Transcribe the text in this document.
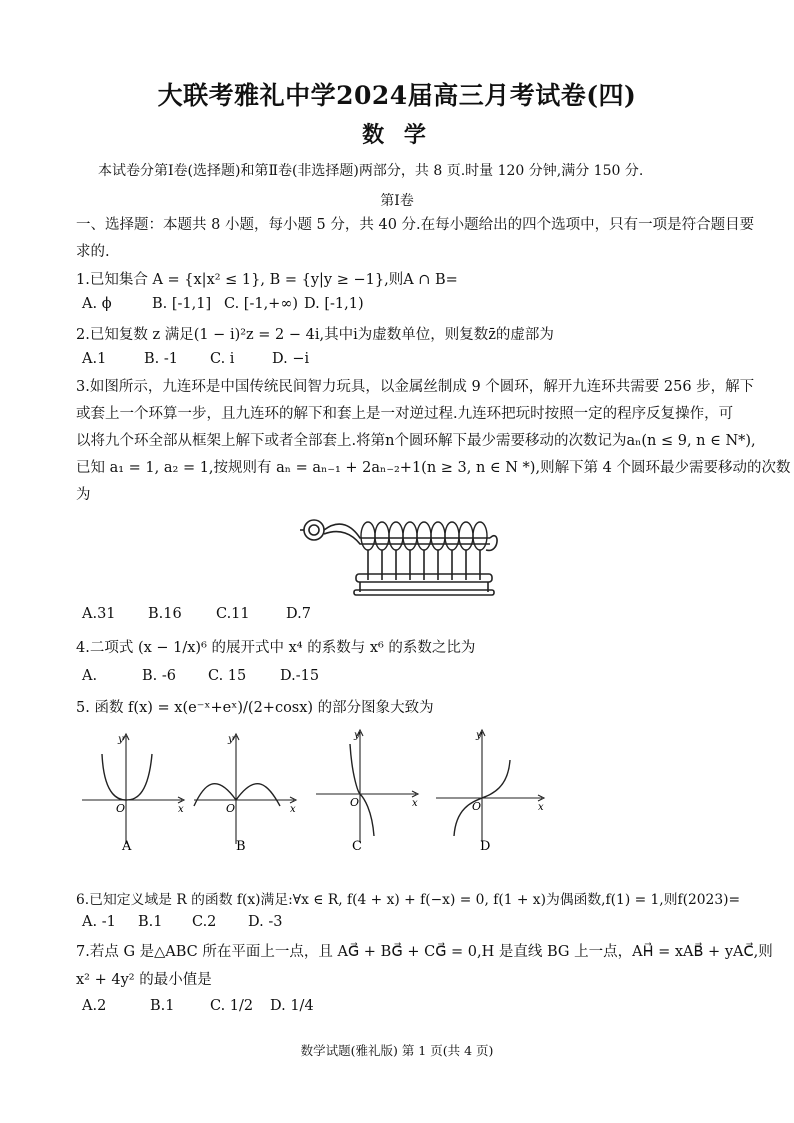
大联考雅礼中学2024届高三月考试卷(四)
数 学
本试卷分第Ⅰ卷(选择题)和第Ⅱ卷(非选择题)两部分，共 8 页.时量 120 分钟,满分 150 分.
第Ⅰ卷
一、选择题：本题共 8 小题，每小题 5 分，共 40 分.在每小题给出的四个选项中，只有一项是符合题目要
求的.
1.已知集合 A = {x|x² ≤ 1}, B = {y|y ≥ −1},则A ∩ B=
A. ϕ	B. [-1,1] C. [-1,+∞) D. [-1,1)
2.已知复数 z 满足(1 − i)²z = 2 − 4i,其中i为虚数单位，则复数z̄的虚部为
A.1	B. -1 C. i	D. −i
3.如图所示，九连环是中国传统民间智力玩具，以金属丝制成 9 个圆环，解开九连环共需要 256 步，解下
或套上一个环算一步，且九连环的解下和套上是一对逆过程.九连环把玩时按照一定的程序反复操作，可
以将九个环全部从框架上解下或者全部套上.将第n个圆环解下最少需要移动的次数记为aₙ(n ≤ 9, n ∈ N*),
已知 a₁ = 1, a₂ = 1,按规则有 aₙ = aₙ₋₁ + 2aₙ₋₂+1(n ≥ 3, n ∈ N *),则解下第 4 个圆环最少需要移动的次数
为
A.31 B.16 C.11	D.7
4.二项式 (x − 1/x)⁶ 的展开式中 x⁴ 的系数与 x⁶ 的系数之比为
A.	B. -6 C. 15 D.-15
5. 函数 f(x) = x(e⁻ˣ+eˣ)/(2+cosx) 的部分图象大致为
y
x
O
A
y
x
O
B
y
x
O
C
y
x
O
D
6.已知定义域是 R 的函数 f(x)满足:∀x ∈ R, f(4 + x) + f(−x) = 0, f(1 + x)为偶函数,f(1) = 1,则f(2023)=
A. -1 B.1 C.2 D. -3
7.若点 G 是△ABC 所在平面上一点，且 AG⃗ + BG⃗ + CG⃗ = 0,H 是直线 BG 上一点，AH⃗ = xAB⃗ + yAC⃗,则
x² + 4y² 的最小值是
A.2	B.1 C. 1/2 D. 1/4
数学试题(雅礼版) 第 1 页(共 4 页)
